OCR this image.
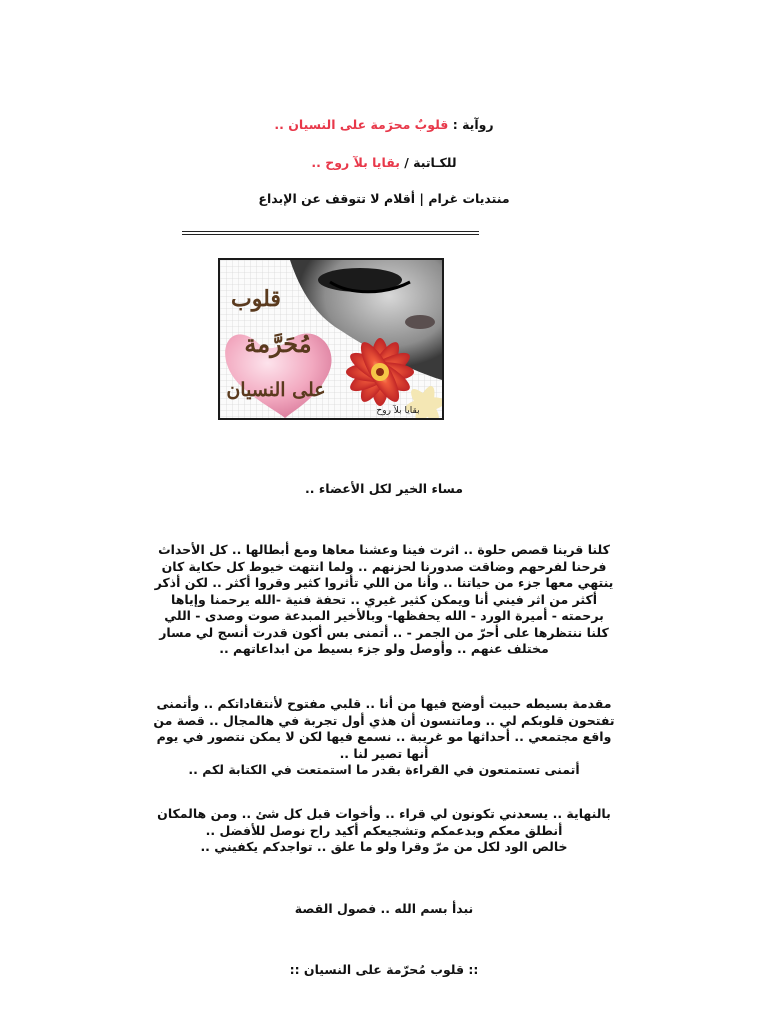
روآية : قلوبٌ محرَمة على النسيان ..
للكـاتبة / بقايا بلآ روح ..
منتديات غرام | أقلام لا تتوقف عن الإبداع
قلوب
مُحَرَّمة
على النسيان
بقايا بلآ روح
مساء الخير لكل الأعضاء ..
كلنا قرينا قصص حلوة .. اثرت فينا وعشنا معاها ومع أبطالها .. كل الأحداث
فرحنا لفرحهم وضاقت صدورنا لحزنهم .. ولما انتهت خيوط كل حكاية كان
ينتهي معها جزء من حياتنا .. وأنا من اللي تأثروا كثير وقروا أكثر .. لكن أذكر
أكثر من اثر فيني أنا ويمكن كثير غيري .. تحفة فنية -الله يرحمنا وإياها
برحمته - أميرة الورد - الله يحفظها- وبالأخير المبدعة صوت وصدى - اللي
كلنا ننتظرها على أحرّ من الجمر - .. أتمنى بس أكون قدرت أنسج لي مسار
مختلف عنهم .. وأوصل ولو جزء بسيط من ابداعاتهم ..
مقدمة بسيطه حبيت أوضح فيها من أنا .. قلبي مفتوح لأنتقاداتكم .. وأتمنى
تفتحون قلوبكم لي .. وماتنسون أن هذي أول تجربة في هالمجال .. قصة من
واقع مجتمعي .. أحداثها مو غريبة .. نسمع فيها لكن لا يمكن نتصور في يوم
أنها تصير لنا ..
أتمنى تستمتعون في القراءة بقدر ما استمتعت في الكتابة لكم ..
بالنهاية .. يسعدني تكونون لي قراء .. وأخوات قبل كل شئ .. ومن هالمكان
أنطلق معكم وبدعمكم وتشجيعكم أكيد راح نوصل للأفضل ..
خالص الود لكل من مرّ وقرا ولو ما علق .. تواجدكم يكفيني ..
نبدأ بسم الله .. فصول القصة
:: قلوب مُحرّمة على النسيان ::
